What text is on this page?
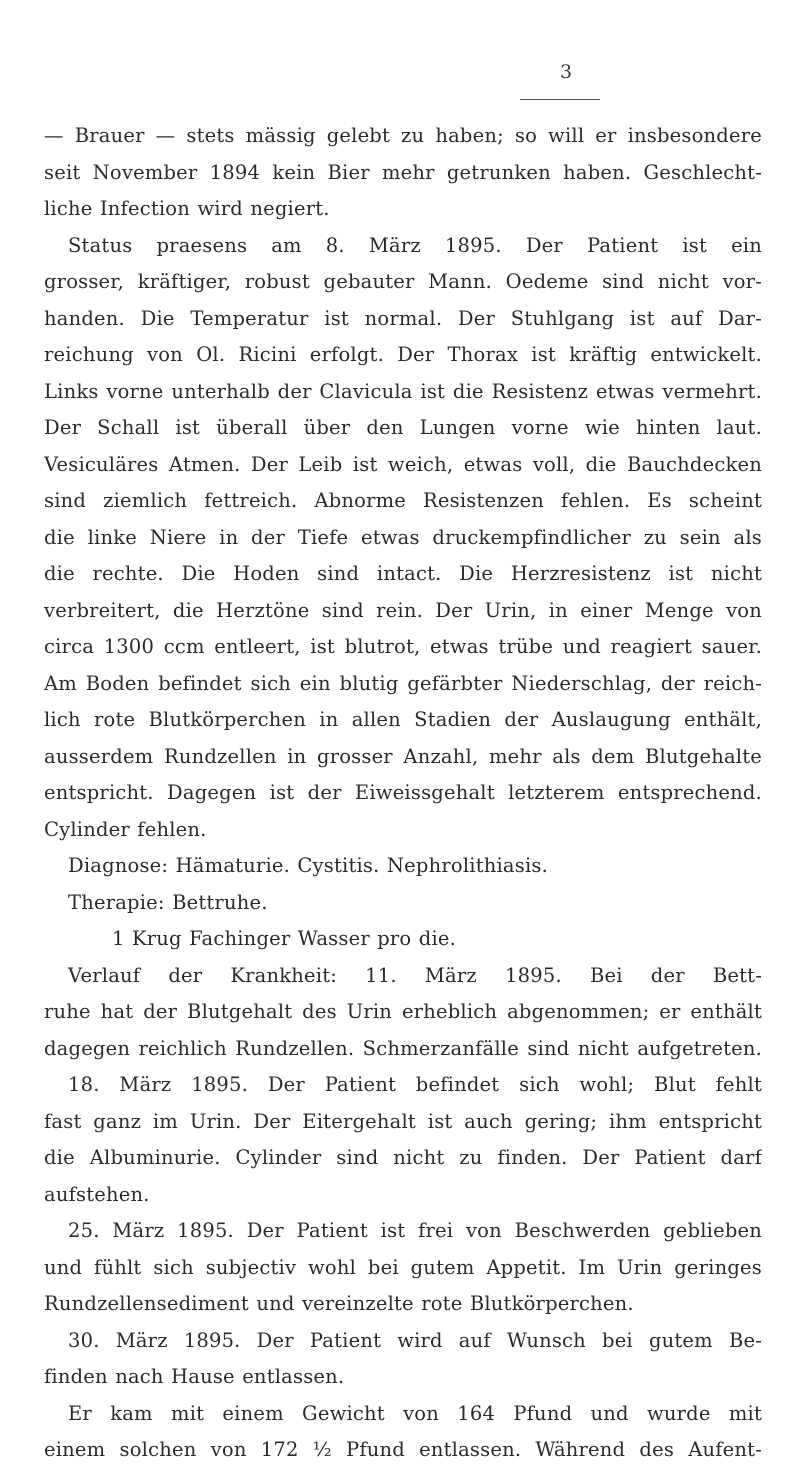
3
— Brauer — stets mässig gelebt zu haben; so will er insbesondere
seit November 1894 kein Bier mehr getrunken haben. Geschlecht-
liche Infection wird negiert.
Status praesens am 8. März 1895. Der Patient ist ein
grosser, kräftiger, robust gebauter Mann. Oedeme sind nicht vor-
handen. Die Temperatur ist normal. Der Stuhlgang ist auf Dar-
reichung von Ol. Ricini erfolgt. Der Thorax ist kräftig entwickelt.
Links vorne unterhalb der Clavicula ist die Resistenz etwas vermehrt.
Der Schall ist überall über den Lungen vorne wie hinten laut.
Vesiculäres Atmen. Der Leib ist weich, etwas voll, die Bauchdecken
sind ziemlich fettreich. Abnorme Resistenzen fehlen. Es scheint
die linke Niere in der Tiefe etwas druckempfindlicher zu sein als
die rechte. Die Hoden sind intact. Die Herzresistenz ist nicht
verbreitert, die Herztöne sind rein. Der Urin, in einer Menge von
circa 1300 ccm entleert, ist blutrot, etwas trübe und reagiert sauer.
Am Boden befindet sich ein blutig gefärbter Niederschlag, der reich-
lich rote Blutkörperchen in allen Stadien der Auslaugung enthält,
ausserdem Rundzellen in grosser Anzahl, mehr als dem Blutgehalte
entspricht. Dagegen ist der Eiweissgehalt letzterem entsprechend.
Cylinder fehlen.
Diagnose: Hämaturie. Cystitis. Nephrolithiasis.
Therapie: Bettruhe.
1 Krug Fachinger Wasser pro die.
Verlauf der Krankheit: 11. März 1895. Bei der Bett-
ruhe hat der Blutgehalt des Urin erheblich abgenommen; er enthält
dagegen reichlich Rundzellen. Schmerzanfälle sind nicht aufgetreten.
18. März 1895. Der Patient befindet sich wohl; Blut fehlt
fast ganz im Urin. Der Eitergehalt ist auch gering; ihm entspricht
die Albuminurie. Cylinder sind nicht zu finden. Der Patient darf
aufstehen.
25. März 1895. Der Patient ist frei von Beschwerden geblieben
und fühlt sich subjectiv wohl bei gutem Appetit. Im Urin geringes
Rundzellensediment und vereinzelte rote Blutkörperchen.
30. März 1895. Der Patient wird auf Wunsch bei gutem Be-
finden nach Hause entlassen.
Er kam mit einem Gewicht von 164 Pfund und wurde mit
einem solchen von 172 ½ Pfund entlassen. Während des Aufent-
